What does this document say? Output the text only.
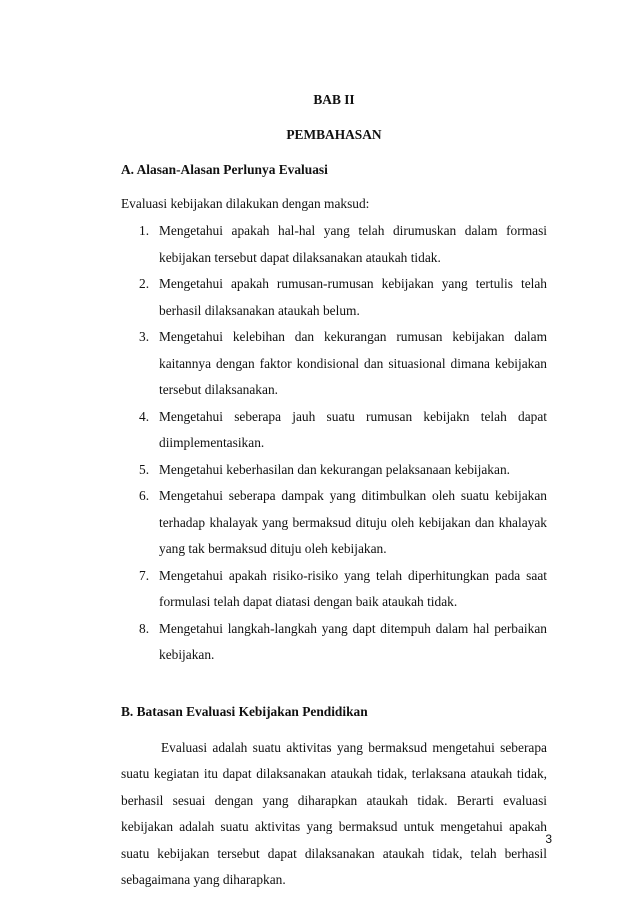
BAB II
PEMBAHASAN
A. Alasan-Alasan Perlunya Evaluasi

Evaluasi kebijakan dilakukan dengan maksud:

1. Mengetahui apakah hal-hal yang telah dirumuskan dalam formasi kebijakan tersebut dapat dilaksanakan ataukah tidak.
2. Mengetahui apakah rumusan-rumusan kebijakan yang tertulis telah berhasil dilaksanakan ataukah belum.
3. Mengetahui kelebihan dan kekurangan rumusan kebijakan dalam kaitannya dengan faktor kondisional dan situasional dimana kebijakan tersebut dilaksanakan.
4. Mengetahui seberapa jauh suatu rumusan kebijakn telah dapat diimplementasikan.
5. Mengetahui keberhasilan dan kekurangan pelaksanaan kebijakan.
6. Mengetahui seberapa dampak yang ditimbulkan oleh suatu kebijakan terhadap khalayak yang bermaksud dituju oleh kebijakan dan khalayak yang tak bermaksud dituju oleh kebijakan.
7. Mengetahui apakah risiko-risiko yang telah diperhitungkan pada saat formulasi telah dapat diatasi dengan baik ataukah tidak.
8. Mengetahui langkah-langkah yang dapt ditempuh dalam hal perbaikan kebijakan.
B. Batasan Evaluasi Kebijakan Pendidikan

Evaluasi adalah suatu aktivitas yang bermaksud mengetahui seberapa suatu kegiatan itu dapat dilaksanakan ataukah tidak, terlaksana ataukah tidak, berhasil sesuai dengan yang diharapkan ataukah tidak. Berarti evaluasi kebijakan adalah suatu aktivitas yang bermaksud untuk mengetahui apakah suatu kebijakan tersebut dapat dilaksanakan ataukah tidak, telah berhasil sebagaimana yang diharapkan.

3
